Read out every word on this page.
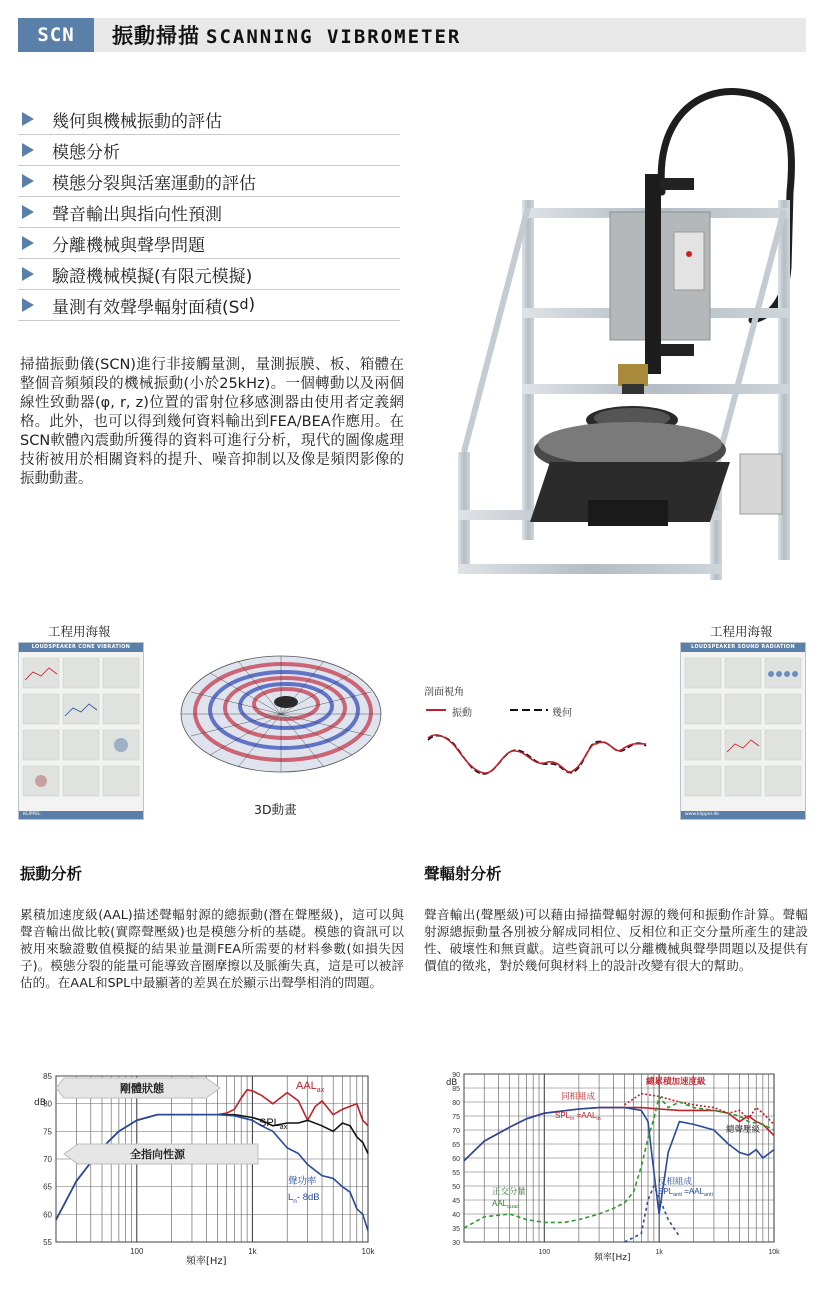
SCN	振動掃描 SCANNING VIBROMETER
幾何與機械振動的評估
模態分析
模態分裂與活塞運動的評估
聲音輸出與指向性預測
分離機械與聲學問題
驗證機械模擬(有限元模擬)
量測有效聲學輻射面積(S d )
掃描振動儀(SCN)進行非接觸量測，量測振膜、板、箱體在整個音頻頻段的機械振動(小於25kHz)。一個轉動以及兩個線性致動器(φ, r, z)位置的雷射位移感測器由使用者定義網格。此外，也可以得到幾何資料輸出到FEA/BEA作應用。在SCN軟體內震動所獲得的資料可進行分析，現代的圖像處理技術被用於相關資料的提升、噪音抑制以及像是頻閃影像的振動動畫。
工程用海報
LOUDSPEAKER CONE VIBRATION
KLIPPEL
工程用海報
LOUDSPEAKER SOUND RADIATION
www.klippel.de
3D動畫
剖面視角
振動	幾何
振動分析
累積加速度級(AAL)描述聲輻射源的總振動(潛在聲壓級)，這可以與聲音輸出做比較(實際聲壓級)也是模態分析的基礎。模態的資訊可以被用來驗證數值模擬的結果並量測FEA所需要的材料參數(如損失因子)。模態分裂的能量可能導致音圈摩擦以及脈衝失真，這是可以被評估的。在AAL和SPL中最顯著的差異在於顯示出聲學相消的問題。
聲輻射分析
聲音輸出(聲壓級)可以藉由掃描聲輻射源的幾何和振動作計算。聲輻射源總振動量各別被分解成同相位、反相位和正交分量所產生的建設性、破壞性和無貢獻。這些資訊可以分離機械與聲學問題以及提供有價值的徵兆，對於幾何與材料上的設計改變有很大的幫助。
55
60
65
70
75
80
85
100	1k	10k
剛體狀態
全指向性源
$AAL_{ax}$
$SPL_{ax}$
聲功率
$L_n-$ 8dB
dB
頻率[Hz]
30
35
40
45
50
55
60
65
70
75
80
85
90
100	1k	10k
總累積加速度級
同相組成
$SPL_{in} =AAL_{in}$
總聲壓級
反相組成
$SPL_{anti} =AAL_{anti}$
正交分量
$AAL_{quad}$
dB
頻率[Hz]
